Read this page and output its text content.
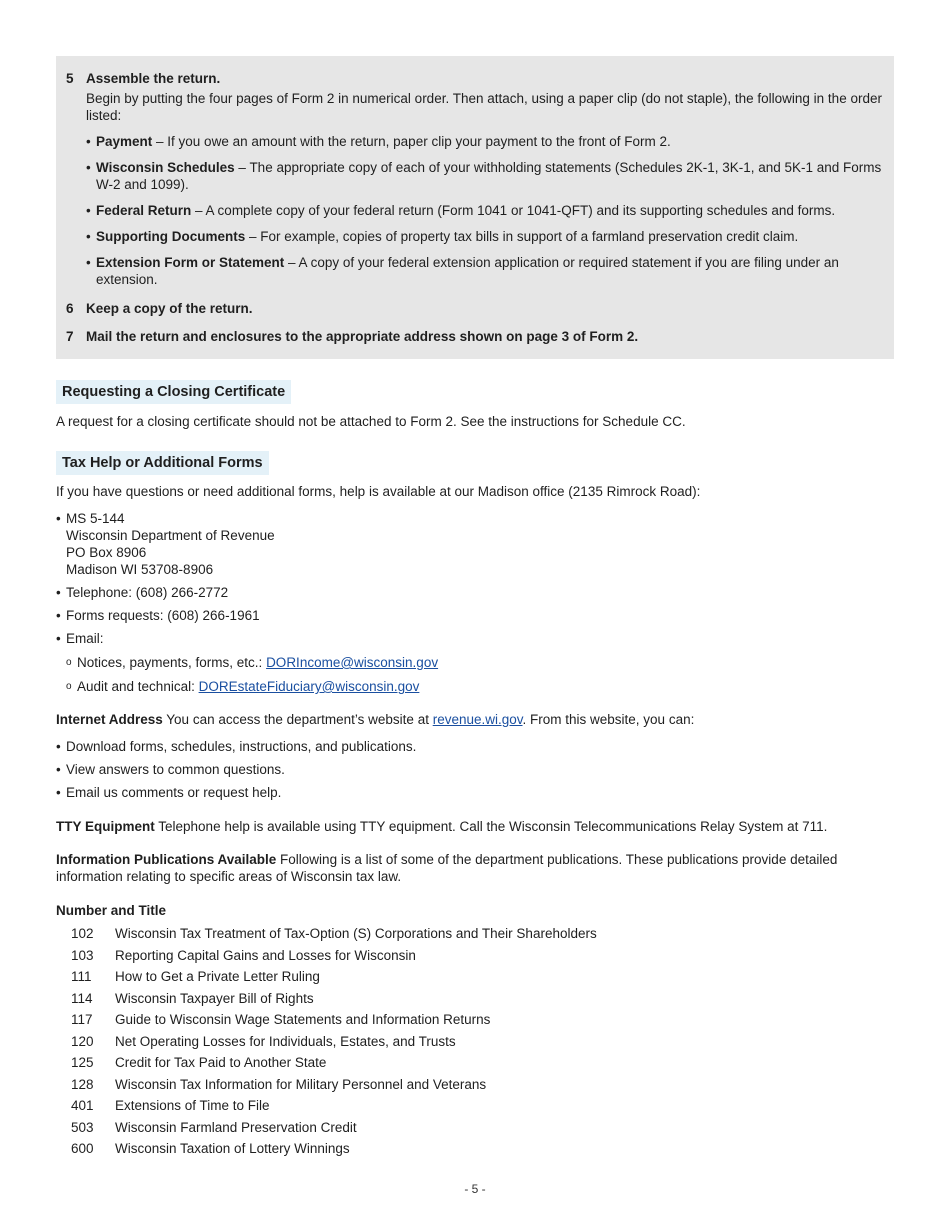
5 Assemble the return.

Begin by putting the four pages of Form 2 in numerical order. Then attach, using a paper clip (do not staple), the following in the order listed:

• Payment – If you owe an amount with the return, paper clip your payment to the front of Form 2.
• Wisconsin Schedules – The appropriate copy of each of your withholding statements (Schedules 2K-1, 3K-1, and 5K-1 and Forms W-2 and 1099).
• Federal Return – A complete copy of your federal return (Form 1041 or 1041-QFT) and its supporting schedules and forms.
• Supporting Documents – For example, copies of property tax bills in support of a farmland preservation credit claim.
• Extension Form or Statement – A copy of your federal extension application or required statement if you are filing under an extension.
6 Keep a copy of the return.
7 Mail the return and enclosures to the appropriate address shown on page 3 of Form 2.
Requesting a Closing Certificate

A request for a closing certificate should not be attached to Form 2. See the instructions for Schedule CC.

Tax Help or Additional Forms

If you have questions or need additional forms, help is available at our Madison office (2135 Rimrock Road):

• MS 5-144
Wisconsin Department of Revenue
PO Box 8906
Madison WI 53708-8906
• Telephone: (608) 266-2772
• Forms requests: (608) 266-1961
• Email:
o Notices, payments, forms, etc.: DORIncome@wisconsin.gov
o Audit and technical: DOREstateFiduciary@wisconsin.gov

Internet Address You can access the department’s website at revenue.wi.gov. From this website, you can:

• Download forms, schedules, instructions, and publications.
• View answers to common questions.
• Email us comments or request help.

TTY Equipment Telephone help is available using TTY equipment. Call the Wisconsin Telecommunications Relay System at 711.

Information Publications Available Following is a list of some of the department publications. These publications provide detailed information relating to specific areas of Wisconsin tax law.

Number and Title
102	Wisconsin Tax Treatment of Tax-Option (S) Corporations and Their Shareholders
103	Reporting Capital Gains and Losses for Wisconsin
111	How to Get a Private Letter Ruling
114	Wisconsin Taxpayer Bill of Rights
117	Guide to Wisconsin Wage Statements and Information Returns
120	Net Operating Losses for Individuals, Estates, and Trusts
125	Credit for Tax Paid to Another State
128	Wisconsin Tax Information for Military Personnel and Veterans
401	Extensions of Time to File
503	Wisconsin Farmland Preservation Credit
600	Wisconsin Taxation of Lottery Winnings
- 5 -
